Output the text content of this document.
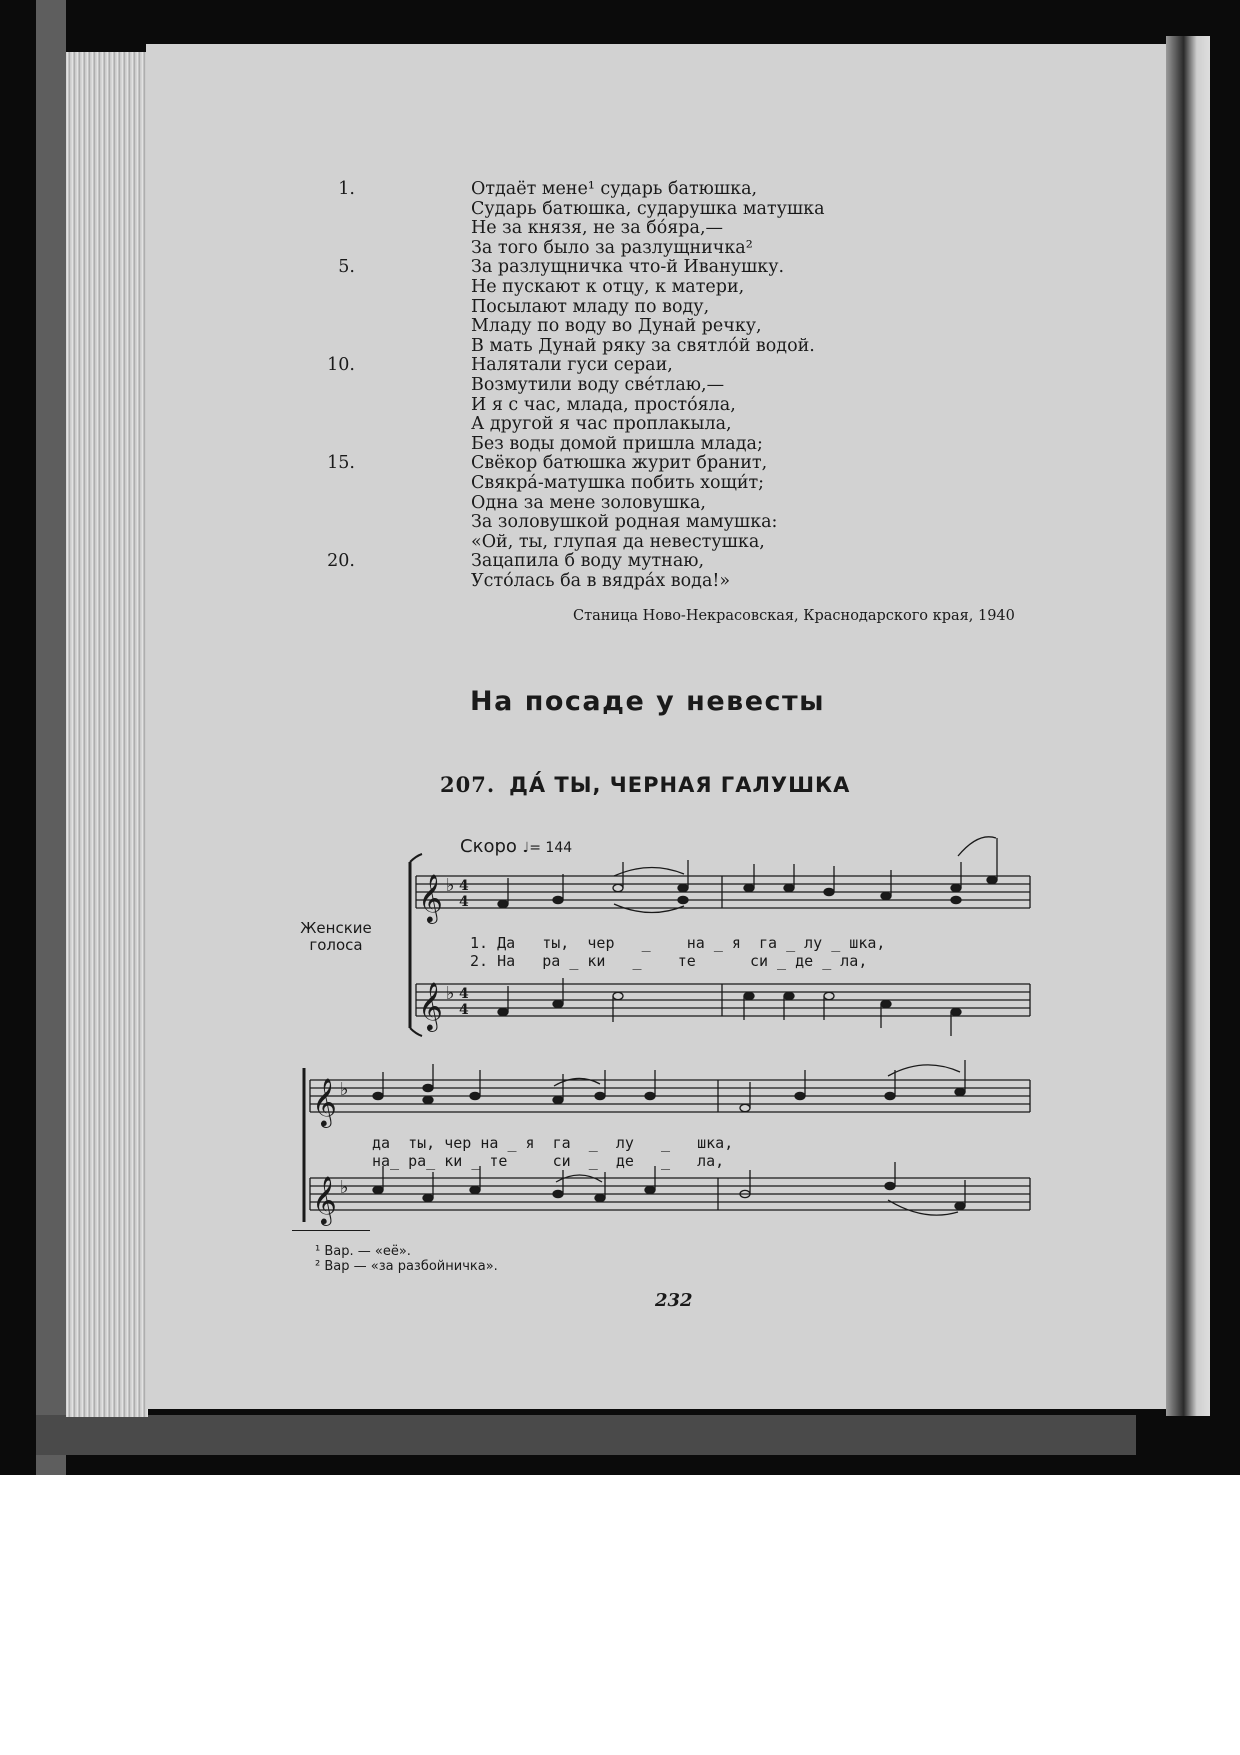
1.	Отдаёт мене¹ сударь батюшка,
Сударь батюшка, сударушка матушка
Не за князя, не за бо́яра,—
За того было за разлущничка²
5.	За разлущничка что-й Иванушку.
Не пускают к отцу, к матери,
Посылают младу по воду,
Младу по воду во Дунай речку,
В мать Дунай ряку за святло́й водой.
10.	Налятали гуси сераи,
Возмутили воду све́тлаю,—
И я с час, млада, просто́яла,
А другой я час проплакыла,
Без воды домой пришла млада;
15.	Свёкор батюшка журит бранит,
Свякра́-матушка побить хощи́т;
Одна за мене золовушка,
За золовушкой родная мамушка:
«Ой, ты, глупая да невестушка,
20.	Зацапила б воду мутнаю,
Усто́лась ба в вядра́х вода!»
Станица Ново-Некрасовская, Краснодарского края, 1940
На посаде у невесты
207. ДА́ ТЫ, ЧЕРНАЯ ГАЛУШКА
Скоро ♩= 144
Женские
голоса
𝄞
𝄞
𝄞
𝄞
♭
♭
♭
♭
4
4
4
4
1. Да   ты,  чер   _    на _ я  га _ лу _ шка,
2. На   ра _ ки   _    те      си _ де _ ла,
да  ты, чер на _ я  га  _  лу   _   шка,
на_ ра_ ки _ те     си  _  де   _   ла,
¹ Вар. — «её».
² Вар — «за разбойничка».
232
